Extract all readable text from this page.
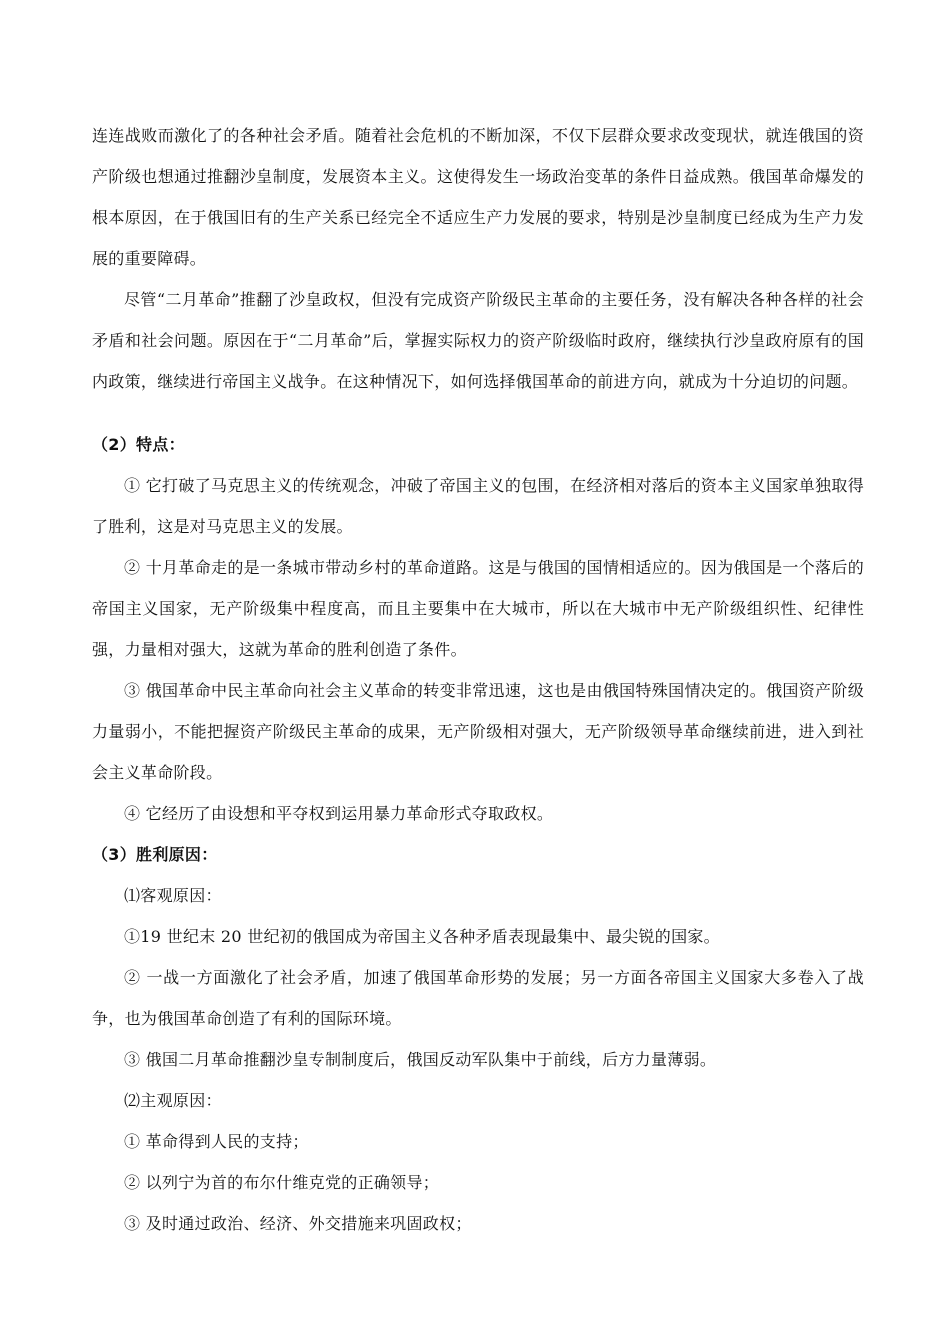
连连战败而激化了的各种社会矛盾。随着社会危机的不断加深，不仅下层群众要求改变现状，就连俄国的资产阶级也想通过推翻沙皇制度，发展资本主义。这使得发生一场政治变革的条件日益成熟。俄国革命爆发的根本原因，在于俄国旧有的生产关系已经完全不适应生产力发展的要求，特别是沙皇制度已经成为生产力发展的重要障碍。

尽管“二月革命”推翻了沙皇政权，但没有完成资产阶级民主革命的主要任务，没有解决各种各样的社会矛盾和社会问题。原因在于“二月革命”后，掌握实际权力的资产阶级临时政府，继续执行沙皇政府原有的国内政策，继续进行帝国主义战争。在这种情况下，如何选择俄国革命的前进方向，就成为十分迫切的问题。

（2）特点：

① 它打破了马克思主义的传统观念，冲破了帝国主义的包围，在经济相对落后的资本主义国家单独取得了胜利，这是对马克思主义的发展。

② 十月革命走的是一条城市带动乡村的革命道路。这是与俄国的国情相适应的。因为俄国是一个落后的帝国主义国家，无产阶级集中程度高，而且主要集中在大城市，所以在大城市中无产阶级组织性、纪律性强，力量相对强大，这就为革命的胜利创造了条件。

③ 俄国革命中民主革命向社会主义革命的转变非常迅速，这也是由俄国特殊国情决定的。俄国资产阶级力量弱小，不能把握资产阶级民主革命的成果，无产阶级相对强大，无产阶级领导革命继续前进，进入到社会主义革命阶段。

④ 它经历了由设想和平夺权到运用暴力革命形式夺取政权。

（3）胜利原因：

⑴客观原因：

①19 世纪末 20 世纪初的俄国成为帝国主义各种矛盾表现最集中、最尖锐的国家。

② 一战一方面激化了社会矛盾，加速了俄国革命形势的发展；另一方面各帝国主义国家大多卷入了战争，也为俄国革命创造了有利的国际环境。

③ 俄国二月革命推翻沙皇专制制度后，俄国反动军队集中于前线，后方力量薄弱。

⑵主观原因：

① 革命得到人民的支持；

② 以列宁为首的布尔什维克党的正确领导；

③ 及时通过政治、经济、外交措施来巩固政权；
